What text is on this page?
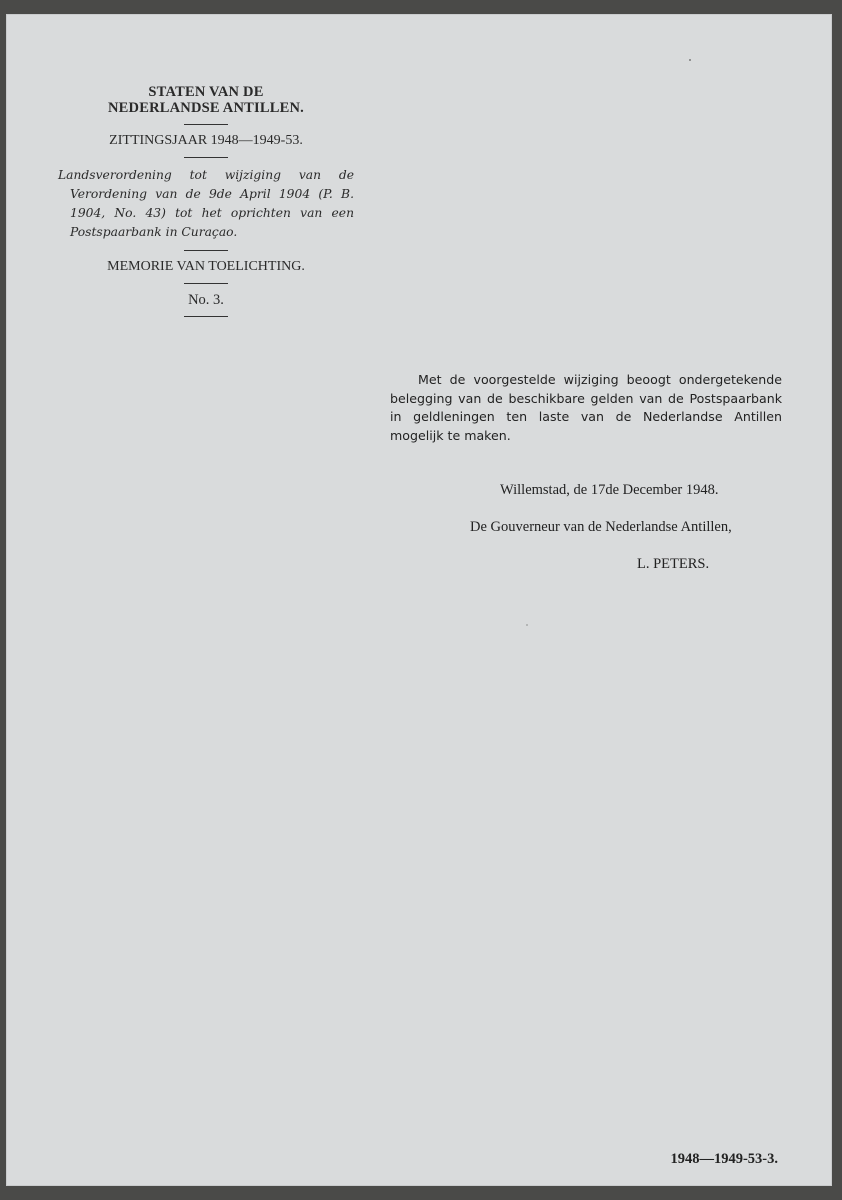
STATEN VAN DE

NEDERLANDSE ANTILLEN.

ZITTINGSJAAR 1948—1949-53.

Landsverordening tot wijziging van de Verordening van de 9de April 1904 (P. B. 1904, No. 43) tot het oprichten van een Postspaarbank in Curaçao.

MEMORIE VAN TOELICHTING.

No. 3.

Met de voorgestelde wijziging beoogt ondergetekende belegging van de beschikbare gelden van de Postspaarbank in geldleningen ten laste van de Nederlandse Antillen mogelijk te maken.

Willemstad, de 17de December 1948.

De Gouverneur van de Nederlandse Antillen,

L. PETERS.

1948—1949-53-3.
